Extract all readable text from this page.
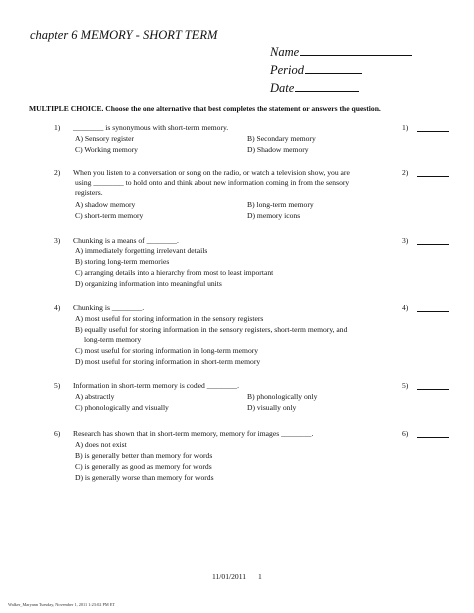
chapter 6 MEMORY - SHORT TERM
Name
Period
Date
MULTIPLE CHOICE. Choose the one alternative that best completes the statement or answers the question.
1) ________ is synonymous with short-term memory.
A) Sensory register	B) Secondary memory
C) Working memory	D) Shadow memory
1)
2) When you listen to a conversation or song on the radio, or watch a television show, you are
using ________ to hold onto and think about new information coming in from the sensory
registers.
A) shadow memory	B) long-term memory
C) short-term memory	D) memory icons
2)
3) Chunking is a means of ________.
A) immediately forgetting irrelevant details
B) storing long-term memories
C) arranging details into a hierarchy from most to least important
D) organizing information into meaningful units
3)
4) Chunking is ________.
A) most useful for storing information in the sensory registers
B) equally useful for storing information in the sensory registers, short-term memory, and
long-term memory
C) most useful for storing information in long-term memory
D) most useful for storing information in short-term memory
4)
5) Information in short-term memory is coded ________.
A) abstractly	B) phonologically only
C) phonologically and visually	D) visually only
5)
6) Research has shown that in short-term memory, memory for images ________.
A) does not exist
B) is generally better than memory for words
C) is generally as good as memory for words
D) is generally worse than memory for words
6)
11/01/2011 1
Walker_Maryann Tuesday, November 1, 2011 1:23:02 PM ET
